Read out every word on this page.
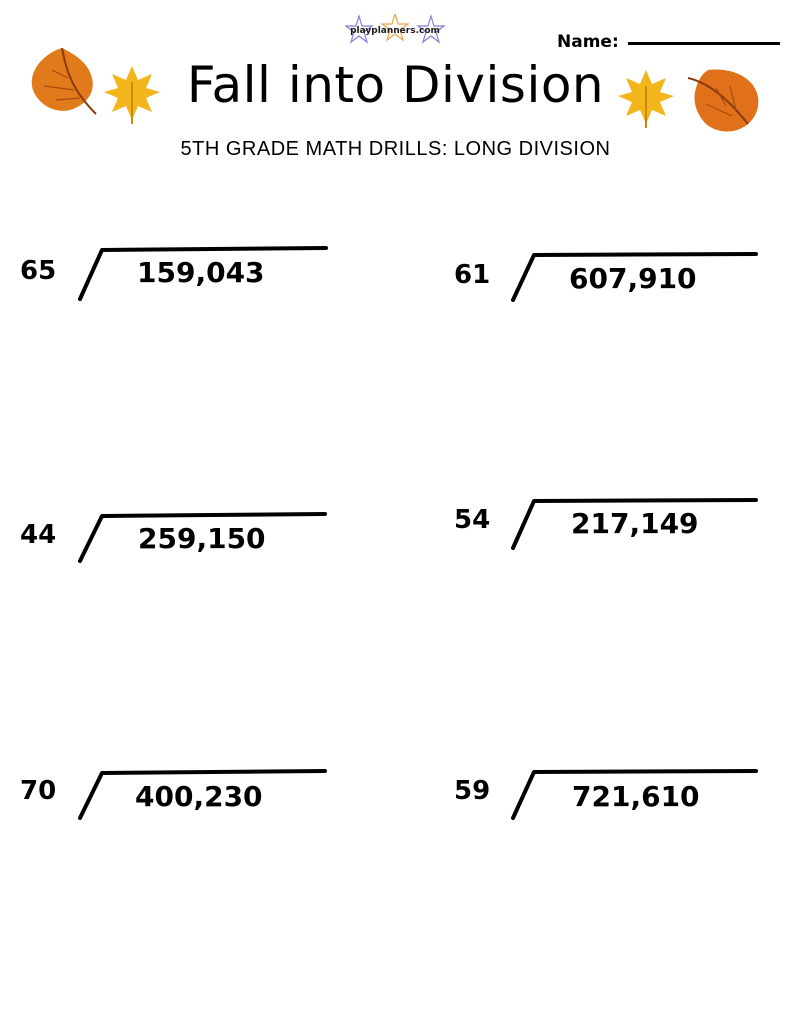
playplanners.com
Name:
Fall into Division
5TH GRADE MATH DRILLS: LONG DIVISION
65	159,043	61	607,910
44	259,150
54	217,149
70	400,230	59	721,610
